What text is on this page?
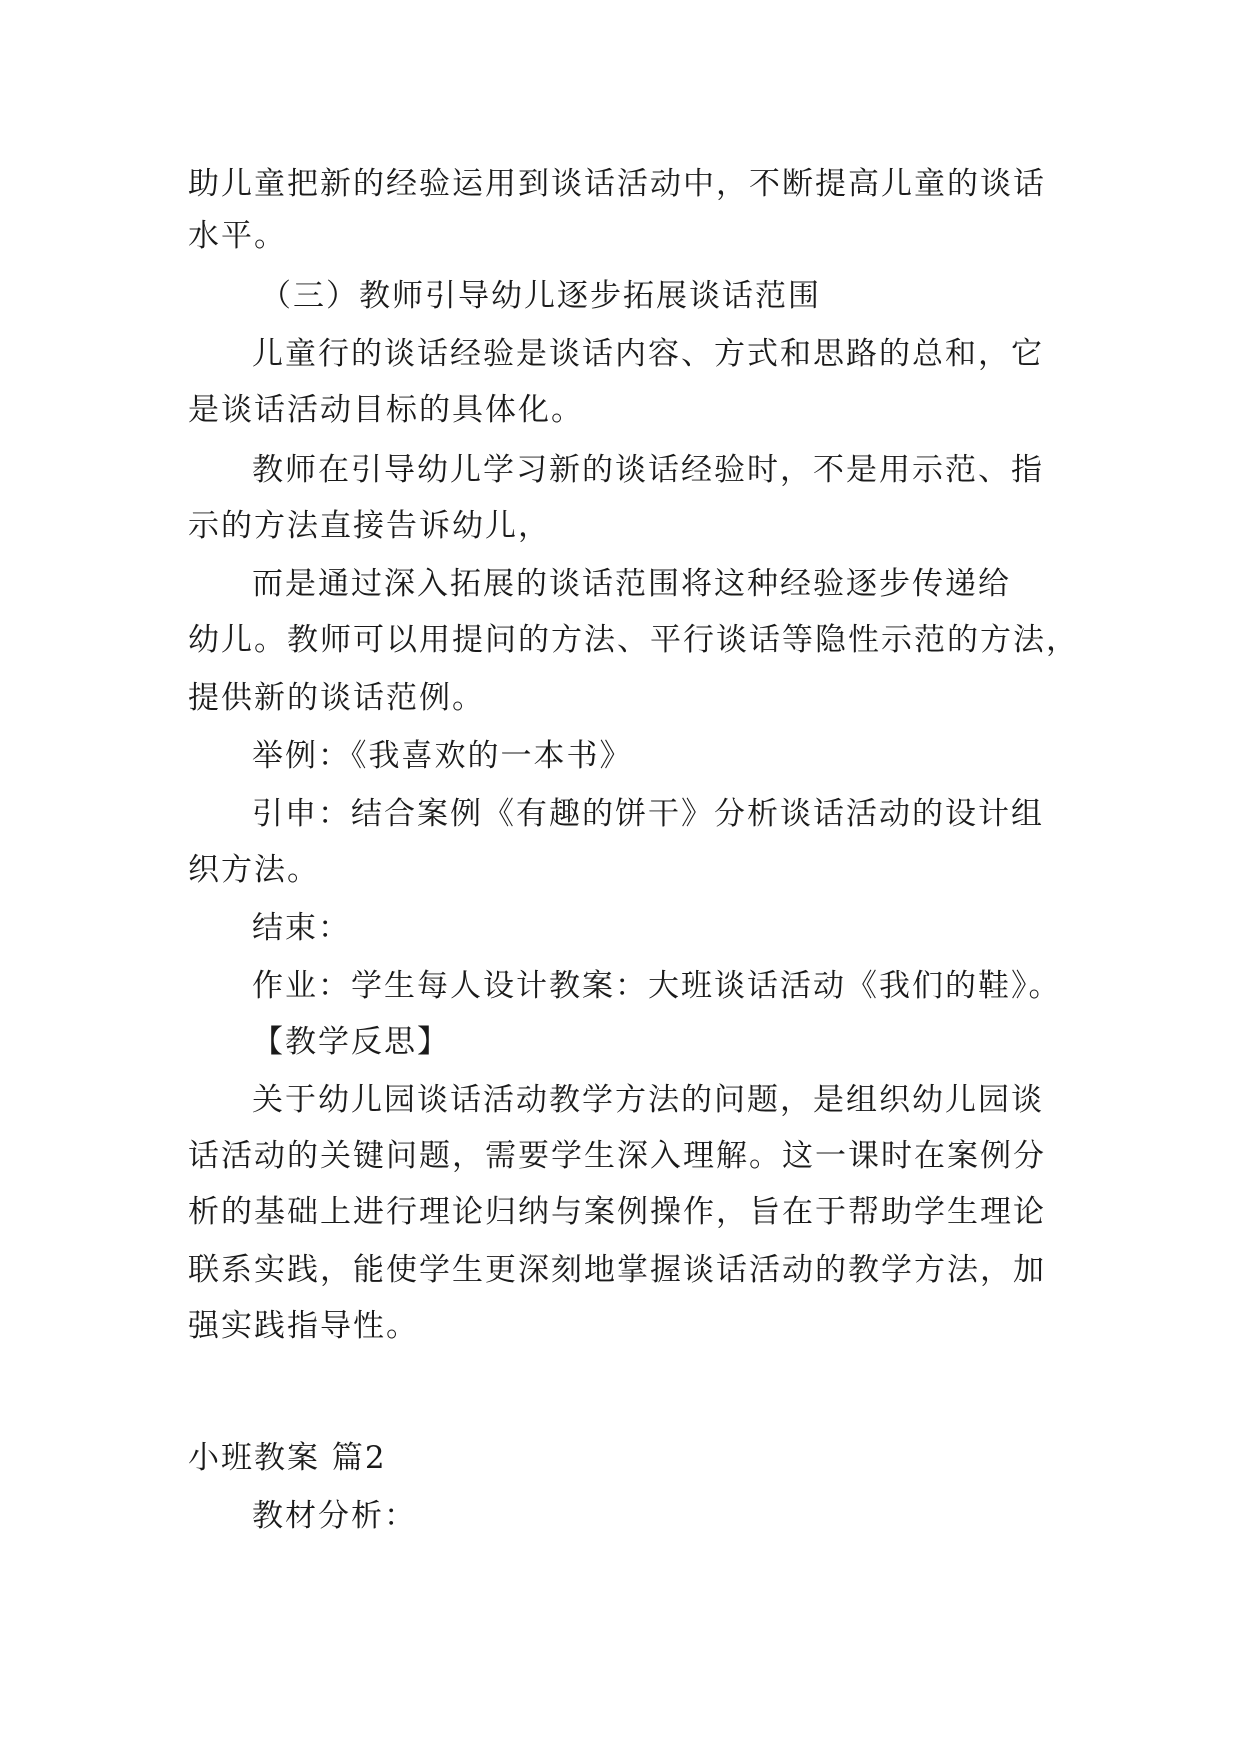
助儿童把新的经验运用到谈话活动中，不断提高儿童的谈话
水平。
（三）教师引导幼儿逐步拓展谈话范围
儿童行的谈话经验是谈话内容、方式和思路的总和，它
是谈话活动目标的具体化。
教师在引导幼儿学习新的谈话经验时，不是用示范、指
示的方法直接告诉幼儿，
而是通过深入拓展的谈话范围将这种经验逐步传递给
幼儿。教师可以用提问的方法、平行谈话等隐性示范的方法，
提供新的谈话范例。
举例：《我喜欢的一本书》
引申：结合案例《有趣的饼干》分析谈话活动的设计组
织方法。
结束：
作业：学生每人设计教案：大班谈话活动《我们的鞋》。
【教学反思】
关于幼儿园谈话活动教学方法的问题，是组织幼儿园谈
话活动的关键问题，需要学生深入理解。这一课时在案例分
析的基础上进行理论归纳与案例操作，旨在于帮助学生理论
联系实践，能使学生更深刻地掌握谈话活动的教学方法，加
强实践指导性。
小班教案 篇2
教材分析：
